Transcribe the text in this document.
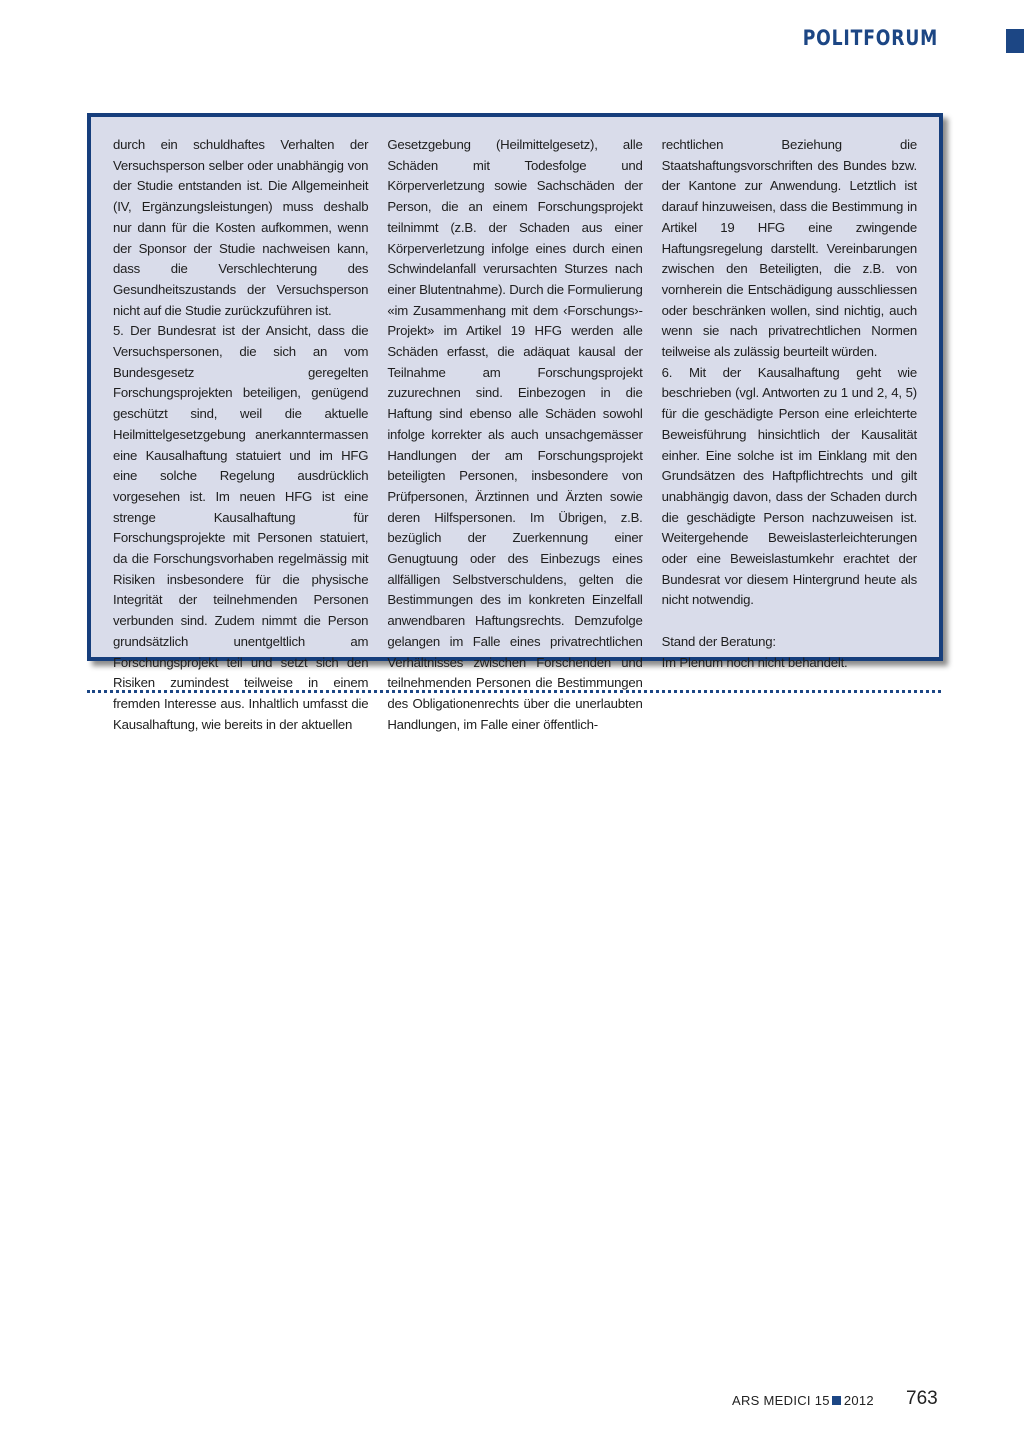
POLITFORUM

durch ein schuldhaftes Verhalten der Versuchsperson selber oder unabhängig von der Studie entstanden ist. Die Allgemeinheit (IV, Ergänzungsleistungen) muss deshalb nur dann für die Kosten aufkommen, wenn der Sponsor der Studie nachweisen kann, dass die Verschlechterung des Gesundheitszustands der Versuchsperson nicht auf die Studie zurückzuführen ist.

5. Der Bundesrat ist der Ansicht, dass die Versuchspersonen, die sich an vom Bundesgesetz geregelten Forschungsprojekten beteiligen, genügend geschützt sind, weil die aktuelle Heilmittelgesetzgebung anerkanntermassen eine Kausalhaftung statuiert und im HFG eine solche Regelung ausdrücklich vorgesehen ist. Im neuen HFG ist eine strenge Kausalhaftung für Forschungsprojekte mit Personen statuiert, da die Forschungsvorhaben regelmässig mit Risiken insbesondere für die physische Integrität der teilnehmenden Personen verbunden sind. Zudem nimmt die Person grundsätzlich unentgeltlich am Forschungsprojekt teil und setzt sich den Risiken zumindest teilweise in einem fremden Interesse aus. Inhaltlich umfasst die Kausalhaftung, wie bereits in der aktuellen

Gesetzgebung (Heilmittelgesetz), alle Schäden mit Todesfolge und Körperverletzung sowie Sachschäden der Person, die an einem Forschungsprojekt teilnimmt (z.B. der Schaden aus einer Körperverletzung infolge eines durch einen Schwindelanfall verursachten Sturzes nach einer Blutentnahme). Durch die Formulierung «im Zusammenhang mit dem ‹Forschungs›-Projekt» im Artikel 19 HFG werden alle Schäden erfasst, die adäquat kausal der Teilnahme am Forschungsprojekt zuzurechnen sind. Einbezogen in die Haftung sind ebenso alle Schäden sowohl infolge korrekter als auch unsachgemässer Handlungen der am Forschungsprojekt beteiligten Personen, insbesondere von Prüfpersonen, Ärztinnen und Ärzten sowie deren Hilfspersonen. Im Übrigen, z.B. bezüglich der Zuerkennung einer Genugtuung oder des Einbezugs eines allfälligen Selbstverschuldens, gelten die Bestimmungen des im konkreten Einzelfall anwendbaren Haftungsrechts. Demzufolge gelangen im Falle eines privatrechtlichen Verhältnisses zwischen Forschenden und teilnehmenden Personen die Bestimmungen des Obligationenrechts über die unerlaubten Handlungen, im Falle einer öffentlich-

rechtlichen Beziehung die Staatshaftungsvorschriften des Bundes bzw. der Kantone zur Anwendung. Letztlich ist darauf hinzuweisen, dass die Bestimmung in Artikel 19 HFG eine zwingende Haftungsregelung darstellt. Vereinbarungen zwischen den Beteiligten, die z.B. von vornherein die Entschädigung ausschliessen oder beschränken wollen, sind nichtig, auch wenn sie nach privatrechtlichen Normen teilweise als zulässig beurteilt würden.

6. Mit der Kausalhaftung geht wie beschrieben (vgl. Antworten zu 1 und 2, 4, 5) für die geschädigte Person eine erleichterte Beweisführung hinsichtlich der Kausalität einher. Eine solche ist im Einklang mit den Grundsätzen des Haftpflichtrechts und gilt unabhängig davon, dass der Schaden durch die geschädigte Person nachzuweisen ist. Weitergehende Beweislasterleichterungen oder eine Beweislastumkehr erachtet der Bundesrat vor diesem Hintergrund heute als nicht notwendig.

Stand der Beratung:

Im Plenum noch nicht behandelt.

ARS MEDICI 15 2012 763
